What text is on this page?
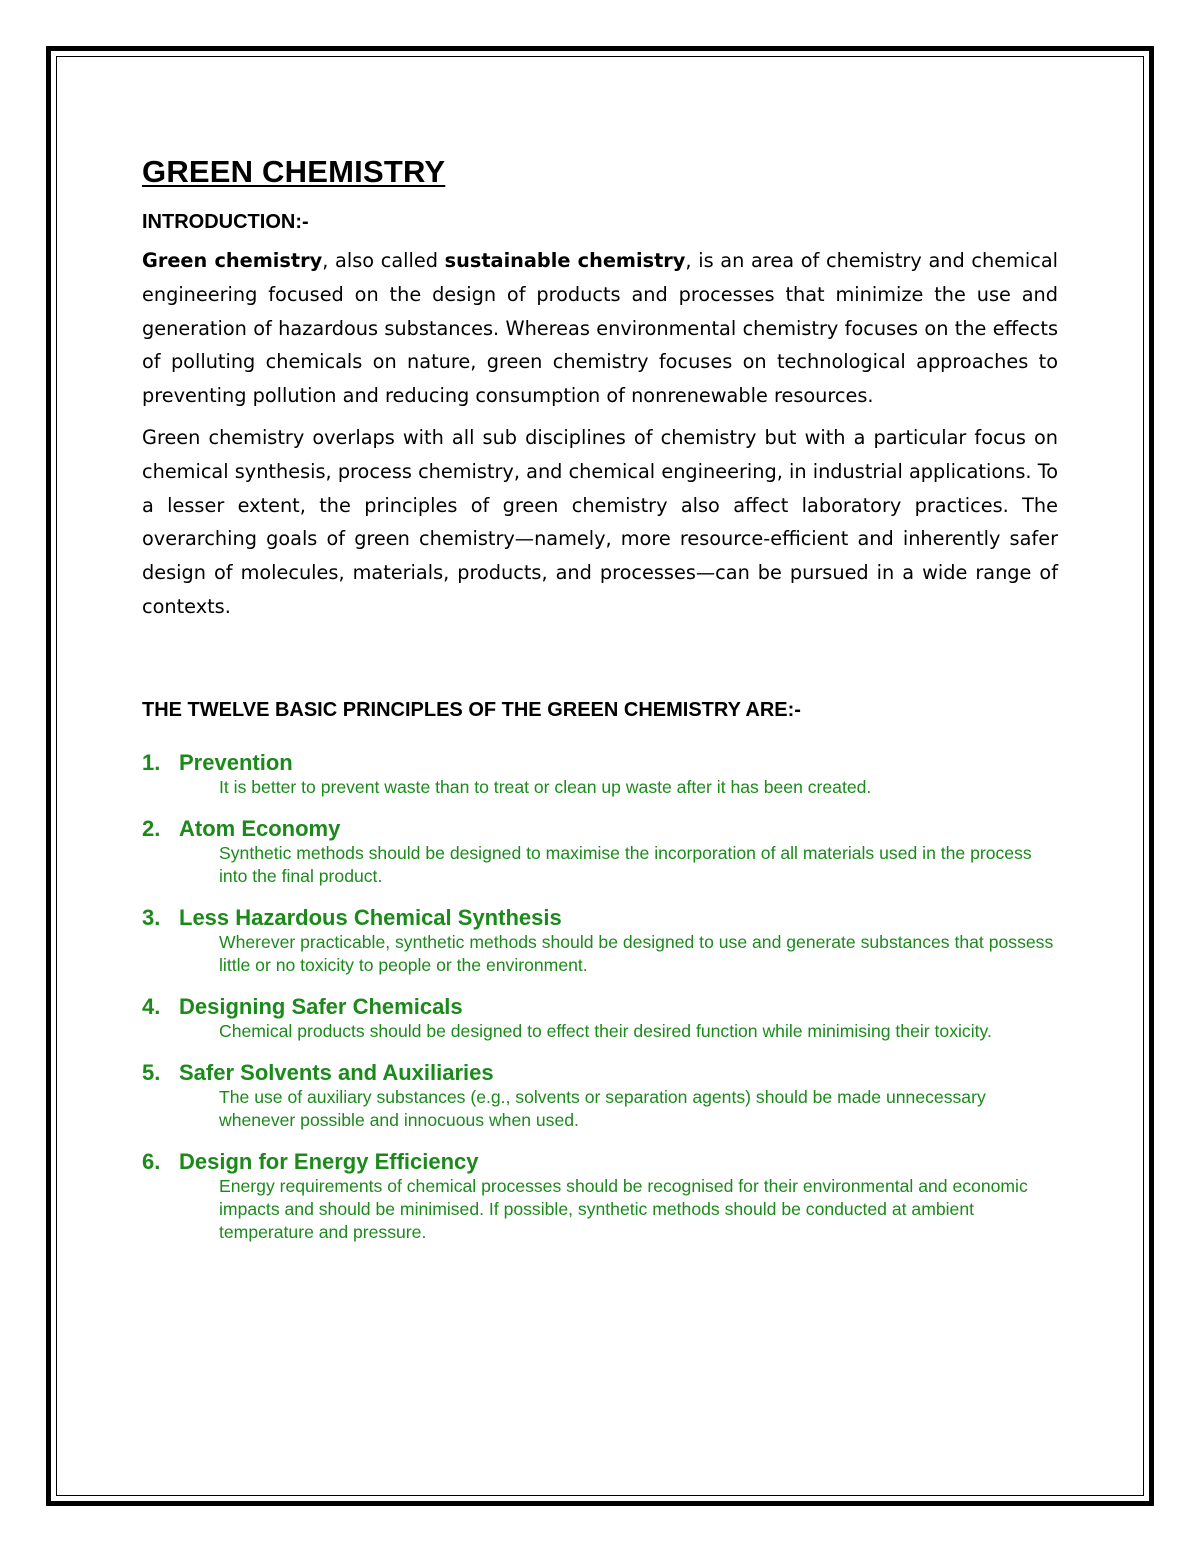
GREEN CHEMISTRY
INTRODUCTION:-

Green chemistry, also called sustainable chemistry, is an area of chemistry and chemical engineering focused on the design of products and processes that minimize the use and generation of hazardous substances. Whereas environmental chemistry focuses on the effects of polluting chemicals on nature, green chemistry focuses on technological approaches to preventing pollution and reducing consumption of nonrenewable resources.

Green chemistry overlaps with all sub disciplines of chemistry but with a particular focus on chemical synthesis, process chemistry, and chemical engineering, in industrial applications. To a lesser extent, the principles of green chemistry also affect laboratory practices. The overarching goals of green chemistry—namely, more resource-efficient and inherently safer design of molecules, materials, products, and processes—can be pursued in a wide range of contexts.

THE TWELVE BASIC PRINCIPLES OF THE GREEN CHEMISTRY ARE:-
1. Prevention
It is better to prevent waste than to treat or clean up waste after it has been created.
2. Atom Economy
Synthetic methods should be designed to maximise the incorporation of all materials used in the process into the final product.
3. Less Hazardous Chemical Synthesis
Wherever practicable, synthetic methods should be designed to use and generate substances that possess little or no toxicity to people or the environment.
4. Designing Safer Chemicals
Chemical products should be designed to effect their desired function while minimising their toxicity.
5. Safer Solvents and Auxiliaries
The use of auxiliary substances (e.g., solvents or separation agents) should be made unnecessary whenever possible and innocuous when used.
6. Design for Energy Efficiency
Energy requirements of chemical processes should be recognised for their environmental and economic impacts and should be minimised. If possible, synthetic methods should be conducted at ambient temperature and pressure.
